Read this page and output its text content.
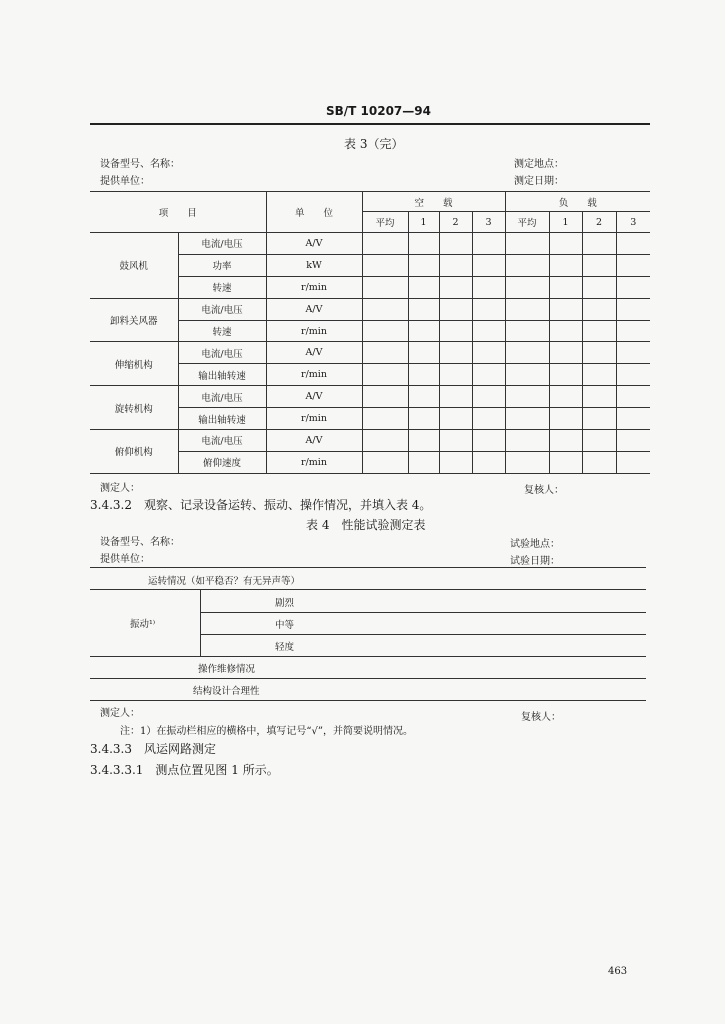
SB/T 10207—94
表 3（完）
设备型号、名称：
提供单位：
测定地点：
测定日期：
项　　目		单　　位	空　　载				负　　载			
			平均	1	2	3	平均	1	2	3
鼓风机	电流/电压	A/V								
	功率	kW								
	转速	r/min								
卸料关风器	电流/电压	A/V								
	转速	r/min								
伸缩机构	电流/电压	A/V								
	输出轴转速	r/min								
旋转机构	电流/电压	A/V								
	输出轴转速	r/min								
俯仰机构	电流/电压	A/V								
	俯仰速度	r/min								
测定人：	复核人：
3.4.3.2　观察、记录设备运转、振动、操作情况，并填入表 4。
表 4　性能试验测定表
设备型号、名称：
提供单位：
试验地点：
试验日期：
运转情况（如平稳否？有无异声等）
振动¹⁾
剧烈
中等
轻度
操作维修情况
结构设计合理性
测定人：	复核人：
注：1）在振动栏相应的横格中，填写记号“√”，并简要说明情况。
3.4.3.3　风运网路测定
3.4.3.3.1　测点位置见图 1 所示。
463
